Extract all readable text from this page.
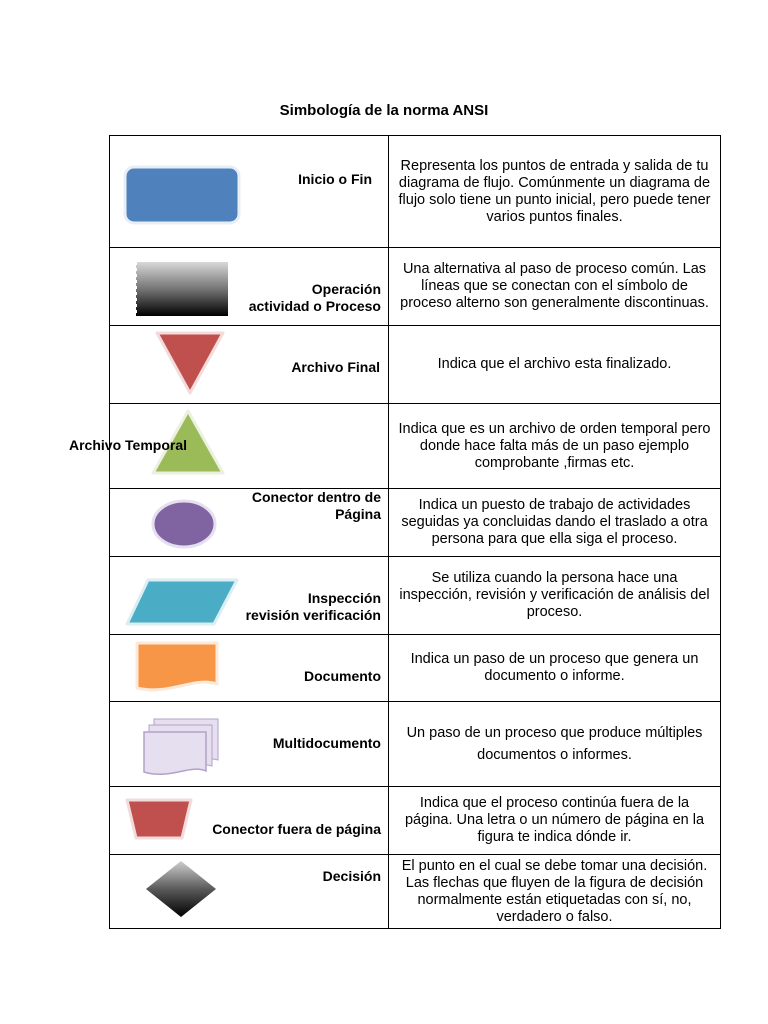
Simbología de la norma ANSI
Inicio o Fin
Representa los puntos de entrada y salida de tu diagrama de flujo. Comúnmente un diagrama de flujo solo tiene un punto inicial, pero puede tener varios puntos finales.
Operación
actividad o Proceso
Una alternativa al paso de proceso común. Las líneas que se conectan con el símbolo de proceso alterno son generalmente discontinuas.
Archivo Final	Indica que el archivo esta finalizado.
Archivo Temporal
Indica que es un archivo de orden temporal pero donde hace falta más de un paso ejemplo comprobante ,firmas etc.
Conector dentro de
Página
Indica un puesto de trabajo de actividades seguidas ya concluidas dando el traslado a otra persona para que ella siga el proceso.
Inspección
revisión verificación
Se utiliza cuando la persona hace una inspección, revisión y verificación de análisis del proceso.
Documento
Indica un paso de un proceso que genera un documento o informe.
Multidocumento
Un paso de un proceso que produce múltiples documentos o informes.
Conector fuera de página
Indica que el proceso continúa fuera de la página. Una letra o un número de página en la figura te indica dónde ir.
Decisión
El punto en el cual se debe tomar una decisión. Las flechas que fluyen de la figura de decisión normalmente están etiquetadas con sí, no, verdadero o falso.
